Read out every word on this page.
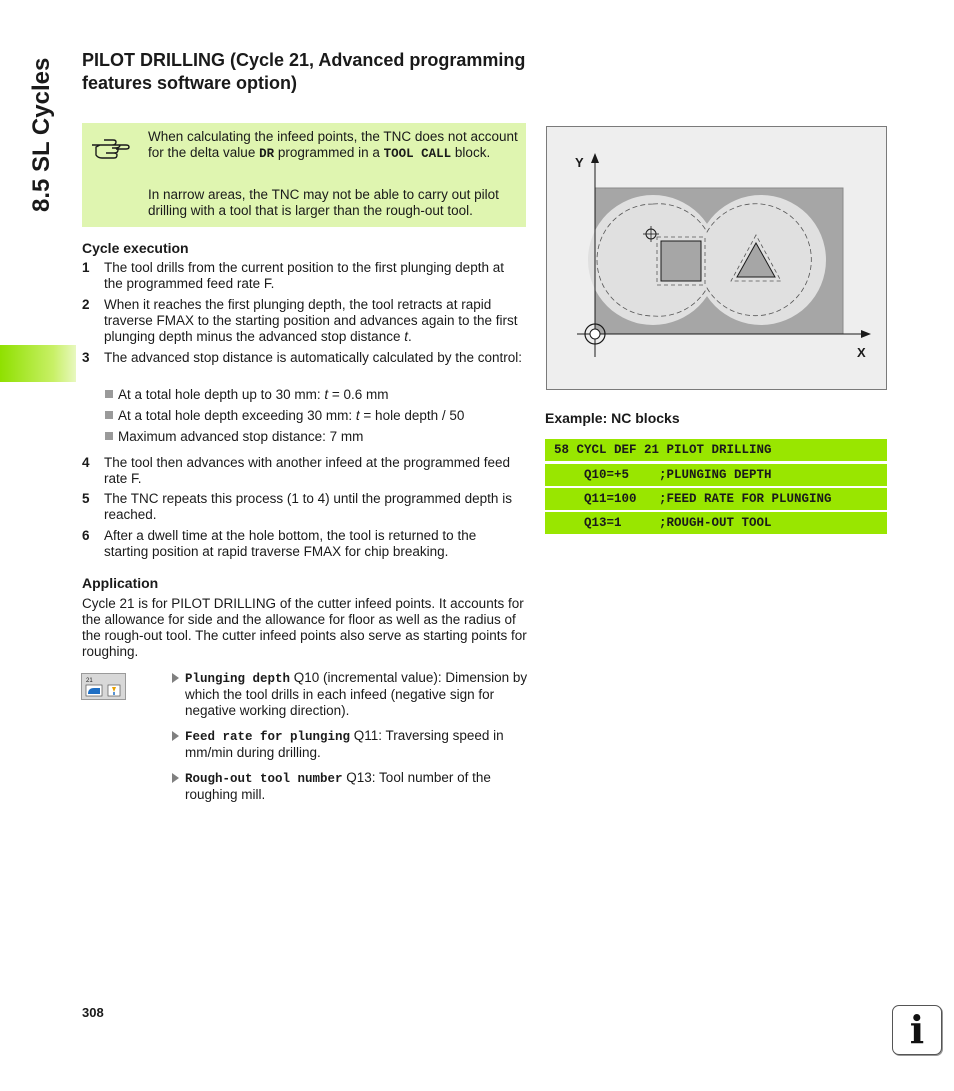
8.5 SL Cycles PILOT DRILLING (Cycle 21, Advanced programming features software option)

When calculating the infeed points, the TNC does not account for the delta value DR programmed in a TOOL CALL block.

In narrow areas, the TNC may not be able to carry out pilot drilling with a tool that is larger than the rough-out tool.

Cycle execution
1 The tool drills from the current position to the first plunging depth at the programmed feed rate F.
2 When it reaches the first plunging depth, the tool retracts at rapid traverse FMAX to the starting position and advances again to the first plunging depth minus the advanced stop distance t.
3 The advanced stop distance is automatically calculated by the control:
At a total hole depth up to 30 mm: t = 0.6 mm
At a total hole depth exceeding 30 mm: t = hole depth / 50
Maximum advanced stop distance: 7 mm
4 The tool then advances with another infeed at the programmed feed rate F.
5 The TNC repeats this process (1 to 4) until the programmed depth is reached.
6 After a dwell time at the hole bottom, the tool is returned to the starting position at rapid traverse FMAX for chip breaking.
Application

Cycle 21 is for PILOT DRILLING of the cutter infeed points. It accounts for the allowance for side and the allowance for floor as well as the radius of the rough-out tool. The cutter infeed points also serve as starting points for roughing.

21	Plunging depth Q10 (incremental value): Dimension by which the tool drills in each infeed (negative sign for negative working direction).
Feed rate for plunging Q11: Traversing speed in mm/min during drilling.
Rough-out tool number Q13: Tool number of the roughing mill.
Y
X
Example: NC blocks
58 CYCL DEF 21 PILOT DRILLING
Q10=+5    ;PLUNGING DEPTH
Q11=100   ;FEED RATE FOR PLUNGING
Q13=1     ;ROUGH-OUT TOOL

308	i
